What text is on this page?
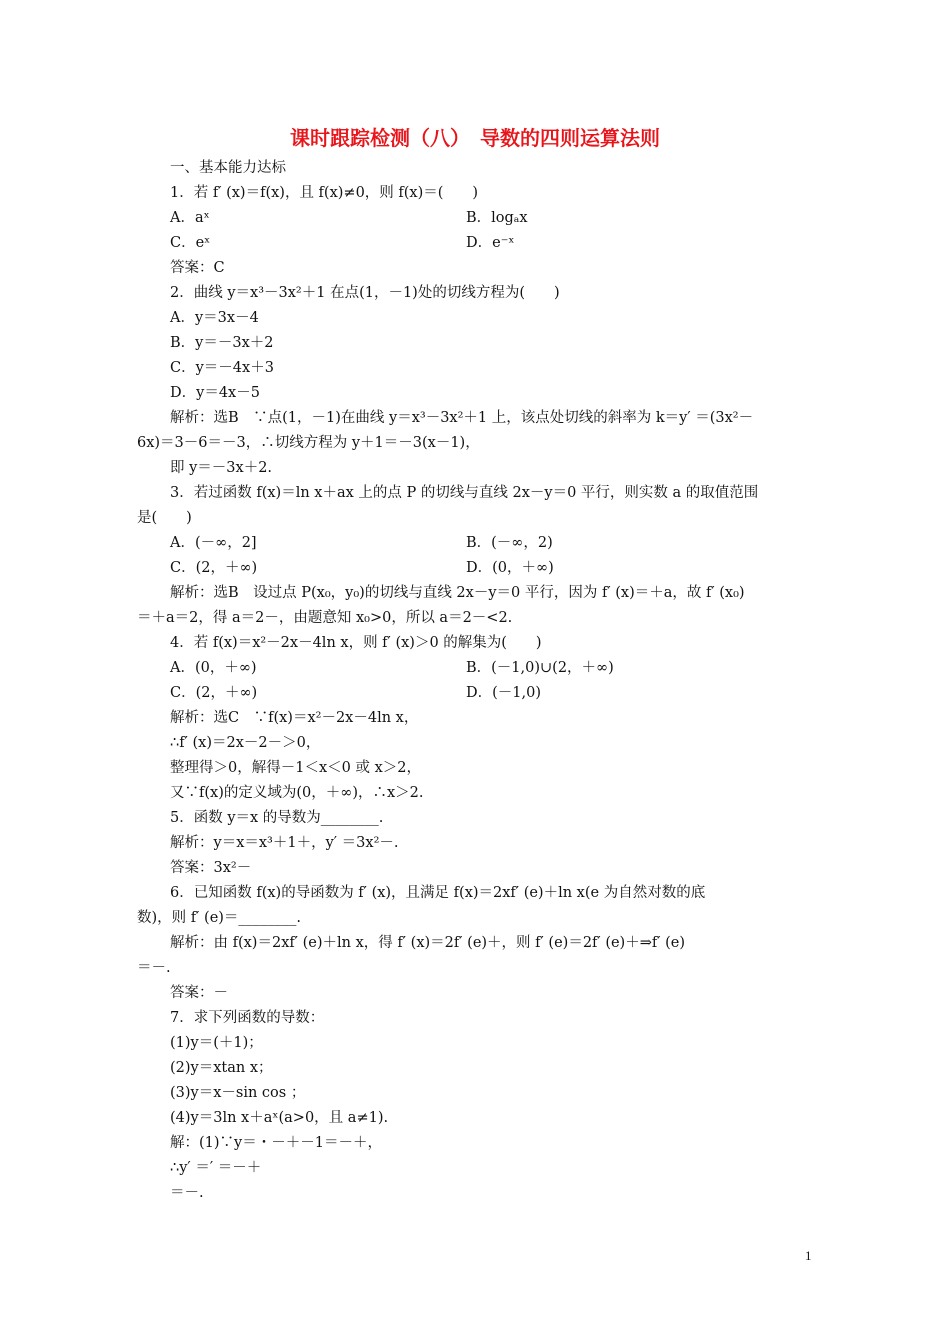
课时跟踪检测（八）　导数的四则运算法则
一、基本能力达标
1．若 f′ (x)＝f(x)，且 f(x)≠0，则 f(x)＝(　　)
A．aˣ	B．logₐx
C．eˣ	D．e⁻ˣ
答案：C
2．曲线 y＝x³－3x²＋1 在点(1，－1)处的切线方程为(　　)
A．y＝3x－4
B．y＝－3x＋2
C．y＝－4x＋3
D．y＝4x－5
解析：选B　∵点(1，－1)在曲线 y＝x³－3x²＋1 上，该点处切线的斜率为 k＝y′ ＝(3x²－
6x)＝3－6＝－3，∴切线方程为 y＋1＝－3(x－1)，
即 y＝－3x＋2.
3．若过函数 f(x)＝ln x＋ax 上的点 P 的切线与直线 2x－y＝0 平行，则实数 a 的取值范围
是(　　)
A．(－∞，2]	B．(－∞，2)
C．(2，＋∞)	D．(0，＋∞)
解析：选B　设过点 P(x₀，y₀)的切线与直线 2x－y＝0 平行，因为 f′ (x)＝＋a，故 f′ (x₀)
＝＋a＝2，得 a＝2－，由题意知 x₀>0，所以 a＝2－<2.
4．若 f(x)＝x²－2x－4ln x，则 f′ (x)＞0 的解集为(　　)
A．(0，＋∞)	B．(－1,0)∪(2，＋∞)
C．(2，＋∞)	D．(－1,0)
解析：选C　∵f(x)＝x²－2x－4ln x，
∴f′ (x)＝2x－2－＞0，
整理得＞0，解得－1＜x＜0 或 x＞2，
又∵f(x)的定义域为(0，＋∞)，∴x＞2.
5．函数 y＝x 的导数为________.
解析：y＝x＝x³＋1＋，y′ ＝3x²－.
答案：3x²－
6．已知函数 f(x)的导函数为 f′ (x)，且满足 f(x)＝2xf′ (e)＋ln x(e 为自然对数的底
数)，则 f′ (e)＝________.
解析：由 f(x)＝2xf′ (e)＋ln x，得 f′ (x)＝2f′ (e)＋，则 f′ (e)＝2f′ (e)＋⇒f′ (e)
＝－.
答案：－
7．求下列函数的导数：
(1)y＝(＋1)；
(2)y＝xtan x；
(3)y＝x－sin cos ；
(4)y＝3ln x＋aˣ(a>0，且 a≠1).
解：(1)∵y＝・－＋－1＝－＋，
∴y′ ＝′ ＝－＋
＝－.
1
